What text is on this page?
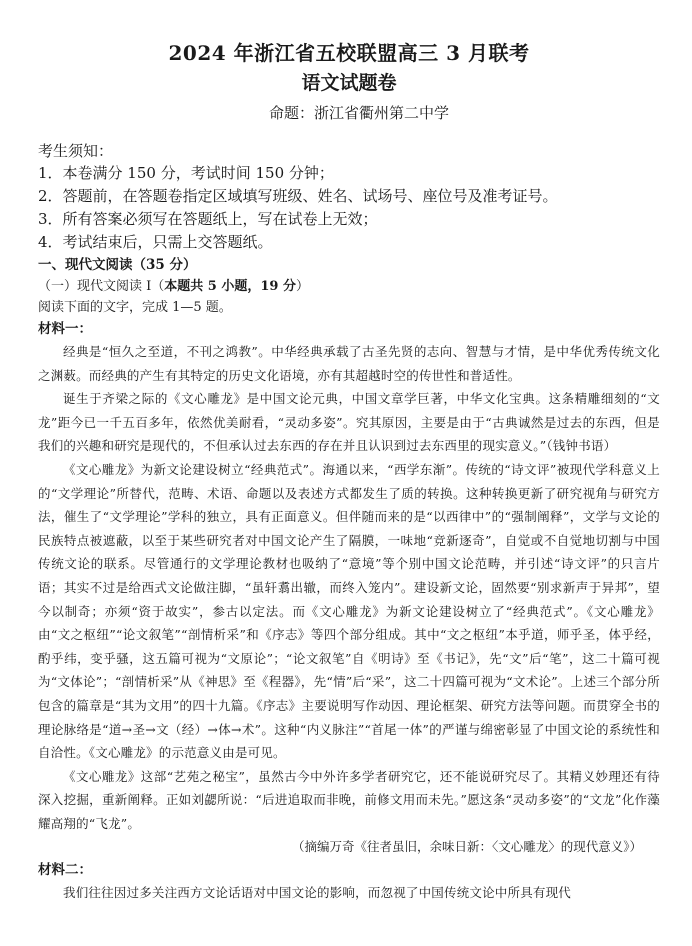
2024 年浙江省五校联盟高三 3 月联考
语文试题卷
命题：浙江省衢州第二中学
考生须知：
1．本卷满分 150 分，考试时间 150 分钟；
2．答题前，在答题卷指定区域填写班级、姓名、试场号、座位号及准考证号。
3．所有答案必须写在答题纸上，写在试卷上无效；
4．考试结束后，只需上交答题纸。
一、现代文阅读（35 分）
（一）现代文阅读 I（本题共 5 小题，19 分）
阅读下面的文字，完成 1—5 题。
材料一：

经典是“恒久之至道，不刊之鸿教”。中华经典承载了古圣先贤的志向、智慧与才情，是中华优秀传统文化之渊薮。而经典的产生有其特定的历史文化语境，亦有其超越时空的传世性和普适性。

诞生于齐梁之际的《文心雕龙》是中国文论元典，中国文章学巨著，中华文化宝典。这条精雕细刻的“文龙”距今已一千五百多年，依然优美耐看，“灵动多姿”。究其原因，主要是由于“古典诚然是过去的东西，但是我们的兴趣和研究是现代的，不但承认过去东西的存在并且认识到过去东西里的现实意义。”（钱钟书语）

《文心雕龙》为新文论建设树立“经典范式”。海通以来，“西学东渐”。传统的“诗文评”被现代学科意义上的“文学理论”所替代，范畴、术语、命题以及表述方式都发生了质的转换。这种转换更新了研究视角与研究方法，催生了“文学理论”学科的独立，具有正面意义。但伴随而来的是“以西律中”的“强制阐释”，文学与文论的民族特点被遮蔽，以至于某些研究者对中国文论产生了隔膜，一味地“竞新逐奇”，自觉或不自觉地切割与中国传统文论的联系。尽管通行的文学理论教材也吸纳了“意境”等个别中国文论范畴，并引述“诗文评”的只言片语；其实不过是给西式文论做注脚，“虽轩翥出辙，而终入笼内”。建设新文论，固然要“别求新声于异邦”，望今以制奇；亦须“资于故实”，参古以定法。而《文心雕龙》为新文论建设树立了“经典范式”。《文心雕龙》由“文之枢纽”“论文叙笔”“剖情析采”和《序志》等四个部分组成。其中“文之枢纽”本乎道，师乎圣，体乎经，酌乎纬，变乎骚，这五篇可视为“文原论”；“论文叙笔”自《明诗》至《书记》，先“文”后“笔”，这二十篇可视为“文体论”；“剖情析采”从《神思》至《程器》，先“情”后“采”，这二十四篇可视为“文术论”。上述三个部分所包含的篇章是“其为文用”的四十九篇。《序志》主要说明写作动因、理论框架、研究方法等问题。而贯穿全书的理论脉络是“道→圣→文（经）→体→术”。这种“内义脉注”“首尾一体”的严谨与绵密彰显了中国文论的系统性和自洽性。《文心雕龙》的示范意义由是可见。

《文心雕龙》这部“艺苑之秘宝”，虽然古今中外许多学者研究它，还不能说研究尽了。其精义妙理还有待深入挖掘，重新阐释。正如刘勰所说：“后进追取而非晚，前修文用而未先。”愿这条“灵动多姿”的“文龙”化作藻耀高翔的“飞龙”。

（摘编万奇《往者虽旧，余味日新：〈文心雕龙〉的现代意义》）
材料二：

我们往往因过多关注西方文论话语对中国文论的影响，而忽视了中国传统文论中所具有现代
